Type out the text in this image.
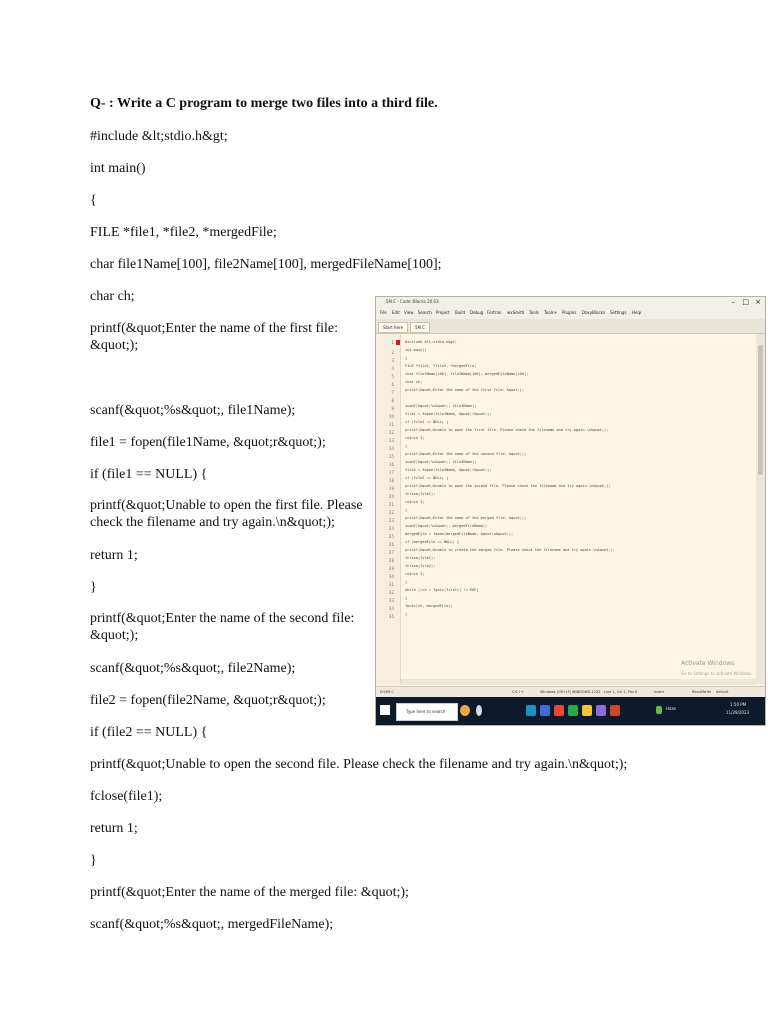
Q- : Write a C program to merge two files into a third file.
#include &lt;stdio.h&gt;
int main()
{
FILE *file1, *file2, *mergedFile;
char file1Name[100], file2Name[100], mergedFileName[100];
char ch;
printf(&quot;Enter the name of the first file: &quot;);
scanf(&quot;%s&quot;, file1Name);
file1 = fopen(file1Name, &quot;r&quot;);
if (file1 == NULL) {
printf(&quot;Unable to open the first file. Please check the filename and try again.\n&quot;);
return 1;
}
printf(&quot;Enter the name of the second file: &quot;);
scanf(&quot;%s&quot;, file2Name);
file2 = fopen(file2Name, &quot;r&quot;);
if (file2 == NULL) {
printf(&quot;Unable to open the second file. Please check the filename and try again.\n&quot;);
fclose(file1);
return 1;
}
printf(&quot;Enter the name of the merged file: &quot;);
scanf(&quot;%s&quot;, mergedFileName);
5M.C - Code::Blocks 20.03	– □ ×
File Edit View Search Project Build Debug Fortran wxSmith Tools Tools+ Plugins DoxyBlocks Settings Help
Start here	5M.C
1
2
3
4
5
6
7
8
9
10
11
12
13
14
15
16
17
18
19
20
21
22
23
24
25
26
27
28
29
30
31
32
33
34
35
#include &lt;stdio.h&gt;
int main()
{
FILE *file1, *file2, *mergedFile;
char file1Name[100], file2Name[100], mergedFileName[100];
char ch;
printf(&quot;Enter the name of the first file: &quot;);
scanf(&quot;%s&quot;, file1Name);
file1 = fopen(file1Name, &quot;r&quot;);
if (file1 == NULL) {
printf(&quot;Unable to open the first file. Please check the filename and try again.\n&quot;);
return 1;
}
printf(&quot;Enter the name of the second file: &quot;);
scanf(&quot;%s&quot;, file2Name);
file2 = fopen(file2Name, &quot;r&quot;);
if (file2 == NULL) {
printf(&quot;Unable to open the second file. Please check the filename and try again.\n&quot;);
fclose(file1);
return 1;
}
printf(&quot;Enter the name of the merged file: &quot;);
scanf(&quot;%s&quot;, mergedFileName);
mergedFile = fopen(mergedFileName, &quot;w&quot;);
if (mergedFile == NULL) {
printf(&quot;Unable to create the merged file. Please check the filename and try again.\n&quot;);
fclose(file1);
fclose(file2);
return 1;
}
while ((ch = fgetc(file1)) != EOF)
{
fputc(ch, mergedFile);
}
Activate Windows
Go to Settings to activate Windows.
D:\5M.C	C/C++	Windows (CR+LF) WINDOWS-1252 Line 1, Col 1, Pos 0	Insert	Read/Write default
Type here to search
Haze
1:50 PM
11/29/2023
